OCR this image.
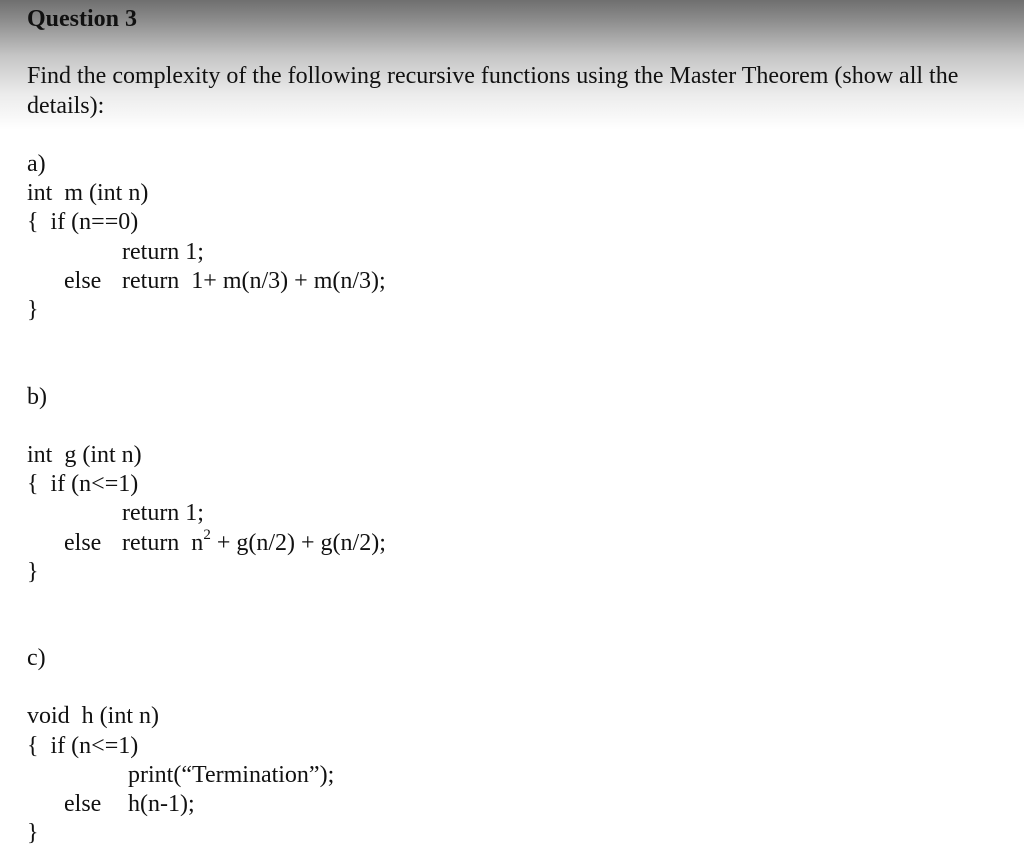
Question 3
Find the complexity of the following recursive functions using the Master Theorem (show all the
details):
a)
int  m (int n)
{  if (n==0)
return 1;
else return  1+ m(n/3) + m(n/3);
}
b)
int  g (int n)
{  if (n<=1)
return 1;
else return  $n^2 + g(n/2) + g(n/2)$;
}
c)
void  h (int n)
{  if (n<=1)
print(“Termination”);
else h(n-1);
}
